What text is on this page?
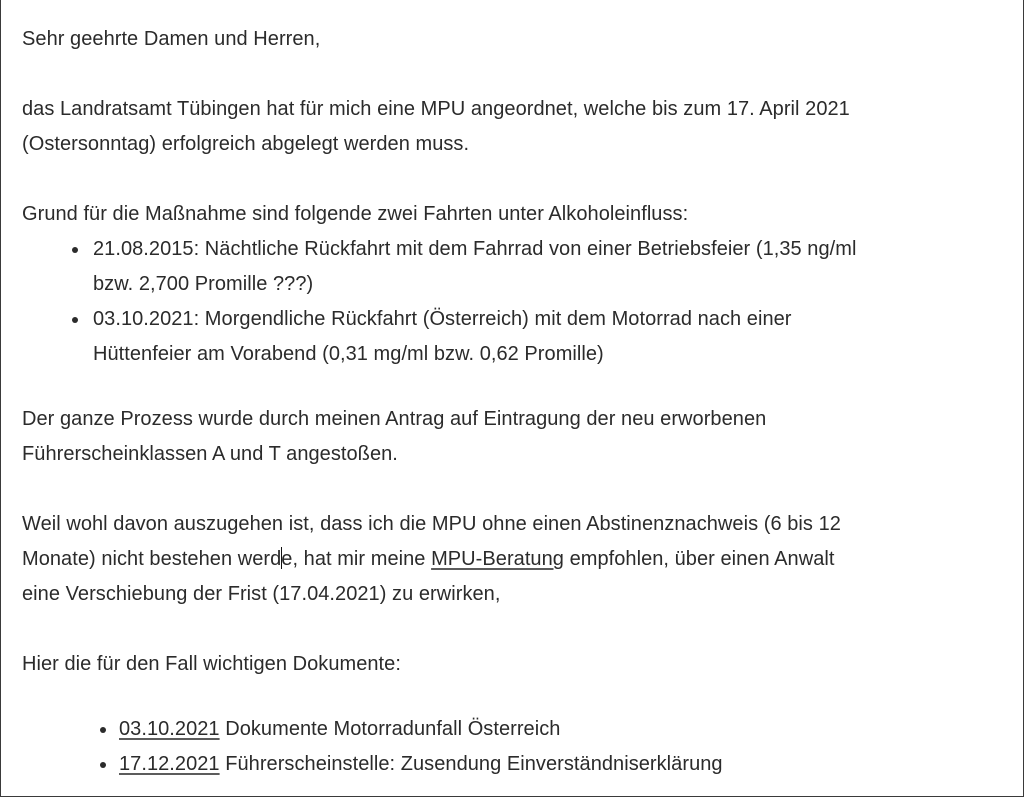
Sehr geehrte Damen und Herren,

das Landratsamt Tübingen hat für mich eine MPU angeordnet, welche bis zum 17. April 2021
(Ostersonntag) erfolgreich abgelegt werden muss.

Grund für die Maßnahme sind folgende zwei Fahrten unter Alkoholeinfluss:

21.08.2015: Nächtliche Rückfahrt mit dem Fahrrad von einer Betriebsfeier (1,35 ng/ml
bzw. 2,700 Promille ???)
03.10.2021: Morgendliche Rückfahrt (Österreich) mit dem Motorrad nach einer
Hüttenfeier am Vorabend (0,31 mg/ml bzw. 0,62 Promille)

Der ganze Prozess wurde durch meinen Antrag auf Eintragung der neu erworbenen
Führerscheinklassen A und T angestoßen.

Weil wohl davon auszugehen ist, dass ich die MPU ohne einen Abstinenznachweis (6 bis 12
Monate) nicht bestehen werde, hat mir meine MPU-Beratung empfohlen, über einen Anwalt
eine Verschiebung der Frist (17.04.2021) zu erwirken,

Hier die für den Fall wichtigen Dokumente:

03.10.2021 Dokumente Motorradunfall Österreich
17.12.2021 Führerscheinstelle: Zusendung Einverständniserklärung
